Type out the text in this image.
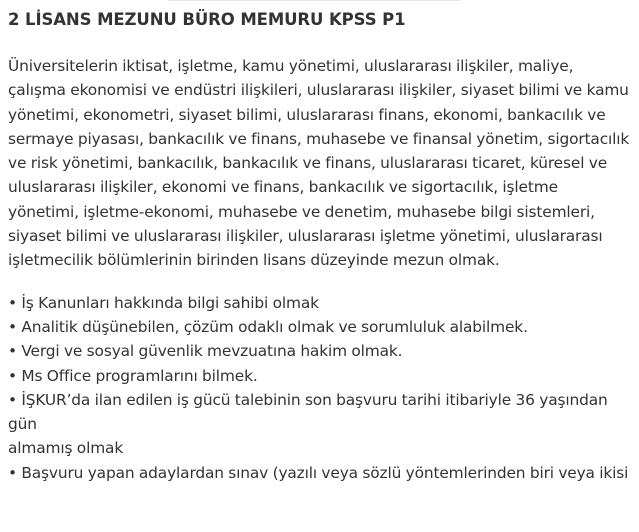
2 LİSANS MEZUNU BÜRO MEMURU KPSS P1

Üniversitelerin iktisat, işletme, kamu yönetimi, uluslararası ilişkiler, maliye, çalışma ekonomisi ve endüstri ilişkileri, uluslararası ilişkiler, siyaset bilimi ve kamu yönetimi, ekonometri, siyaset bilimi, uluslararası finans, ekonomi, bankacılık ve sermaye piyasası, bankacılık ve finans, muhasebe ve finansal yönetim, sigortacılık ve risk yönetimi, bankacılık, bankacılık ve finans, uluslararası ticaret, küresel ve uluslararası ilişkiler, ekonomi ve finans, bankacılık ve sigortacılık, işletme yönetimi, işletme-ekonomi, muhasebe ve denetim, muhasebe bilgi sistemleri, siyaset bilimi ve uluslararası ilişkiler, uluslararası işletme yönetimi, uluslararası işletmecilik bölümlerinin birinden lisans düzeyinde mezun olmak.

• İş Kanunları hakkında bilgi sahibi olmak
• Analitik düşünebilen, çözüm odaklı olmak ve sorumluluk alabilmek.
• Vergi ve sosyal güvenlik mevzuatına hakim olmak.
• Ms Office programlarını bilmek.
• İŞKUR’da ilan edilen iş gücü talebinin son başvuru tarihi itibariyle 36 yaşından gün
almamış olmak
• Başvuru yapan adaylardan sınav (yazılı veya sözlü yöntemlerinden biri veya ikisi
